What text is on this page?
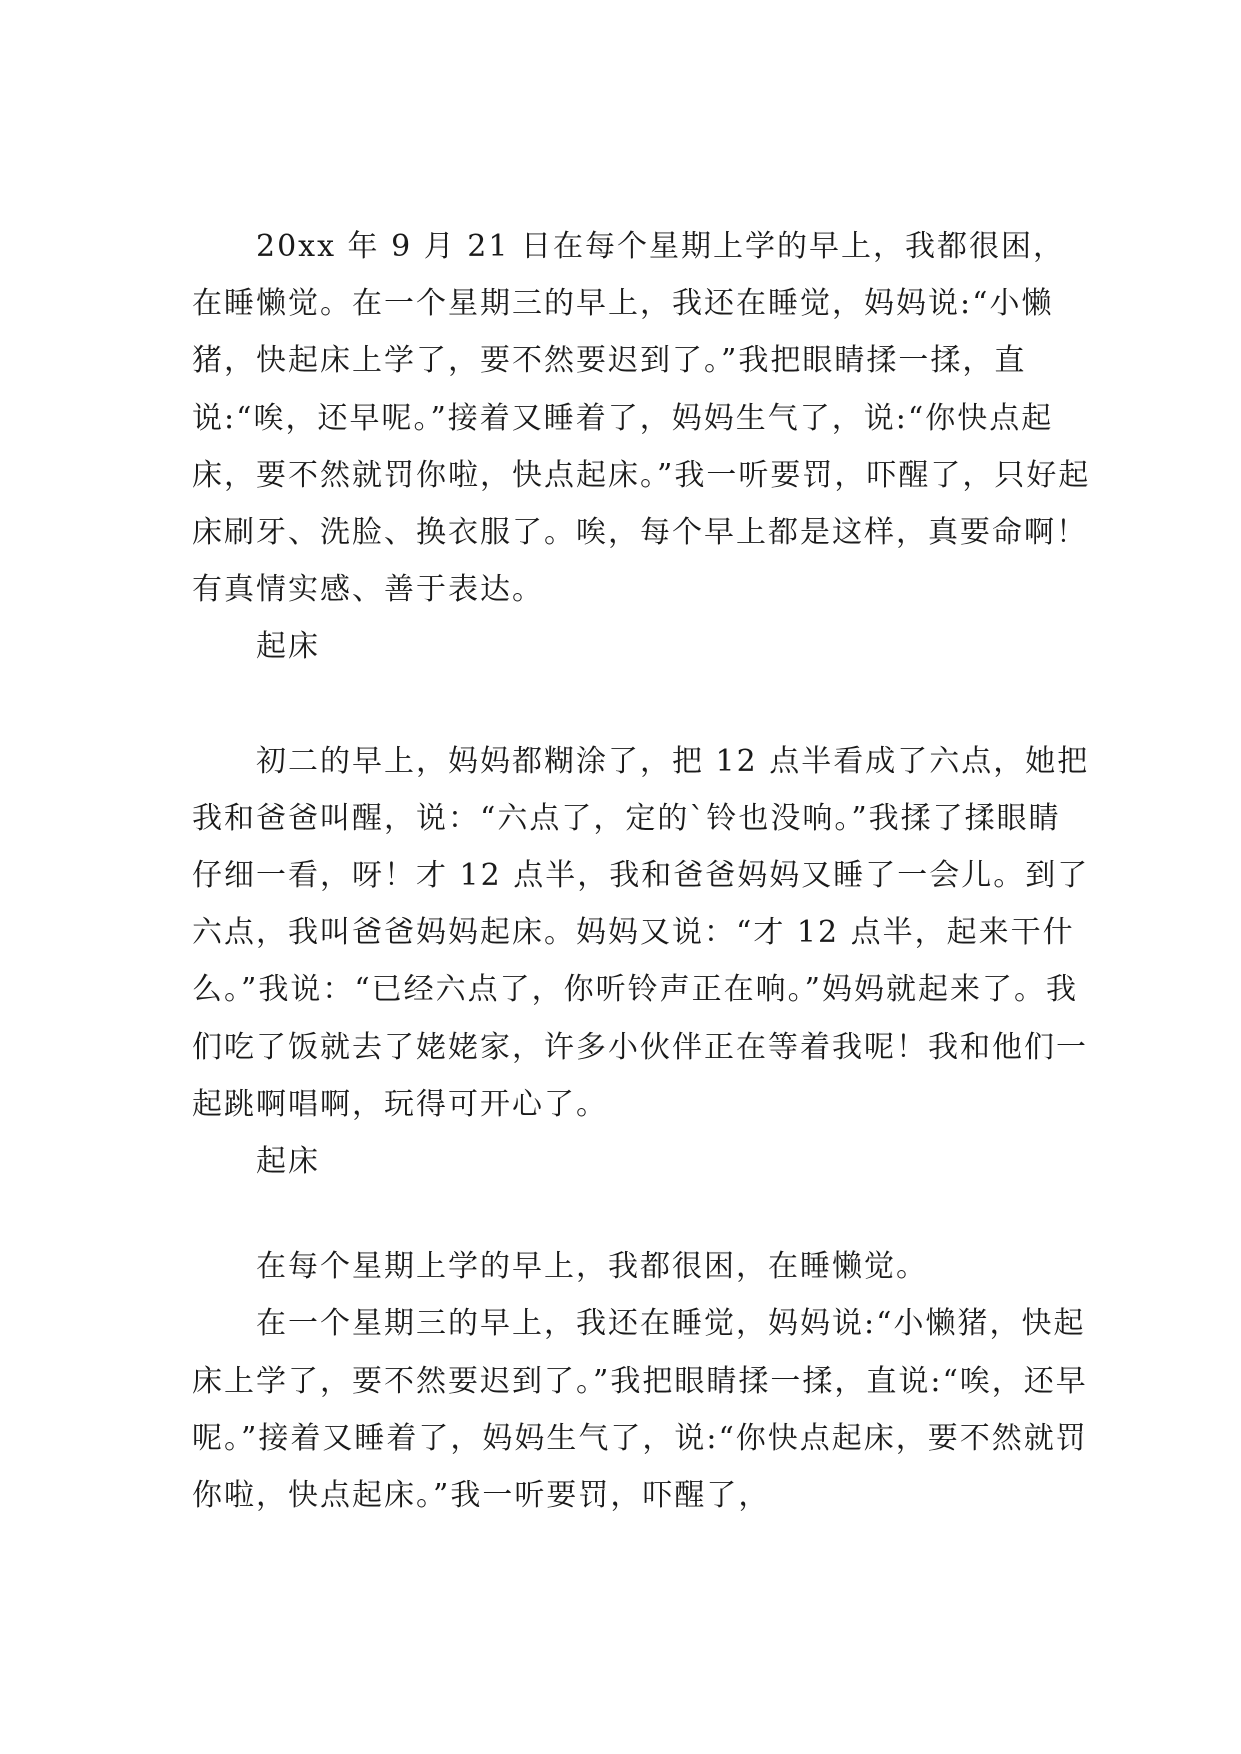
20xx 年 9 月 21 日在每个星期上学的早上，我都很困，在睡懒觉。在一个星期三的早上，我还在睡觉，妈妈说:“小懒猪，快起床上学了，要不然要迟到了。”我把眼睛揉一揉，直说:“唉，还早呢。”接着又睡着了，妈妈生气了，说:“你快点起床，要不然就罚你啦，快点起床。”我一听要罚，吓醒了，只好起床刷牙、洗脸、换衣服了。唉，每个早上都是这样，真要命啊！有真情实感、善于表达。

起床

初二的早上，妈妈都糊涂了，把 12 点半看成了六点，她把我和爸爸叫醒，说：“六点了，定的`铃也没响。”我揉了揉眼睛仔细一看，呀！才 12 点半，我和爸爸妈妈又睡了一会儿。到了六点，我叫爸爸妈妈起床。妈妈又说：“才 12 点半，起来干什么。”我说：“已经六点了，你听铃声正在响。”妈妈就起来了。我们吃了饭就去了姥姥家，许多小伙伴正在等着我呢！我和他们一起跳啊唱啊，玩得可开心了。

起床

在每个星期上学的早上，我都很困，在睡懒觉。

在一个星期三的早上，我还在睡觉，妈妈说:“小懒猪，快起床上学了，要不然要迟到了。”我把眼睛揉一揉，直说:“唉，还早呢。”接着又睡着了，妈妈生气了，说:“你快点起床，要不然就罚你啦，快点起床。”我一听要罚，吓醒了，
